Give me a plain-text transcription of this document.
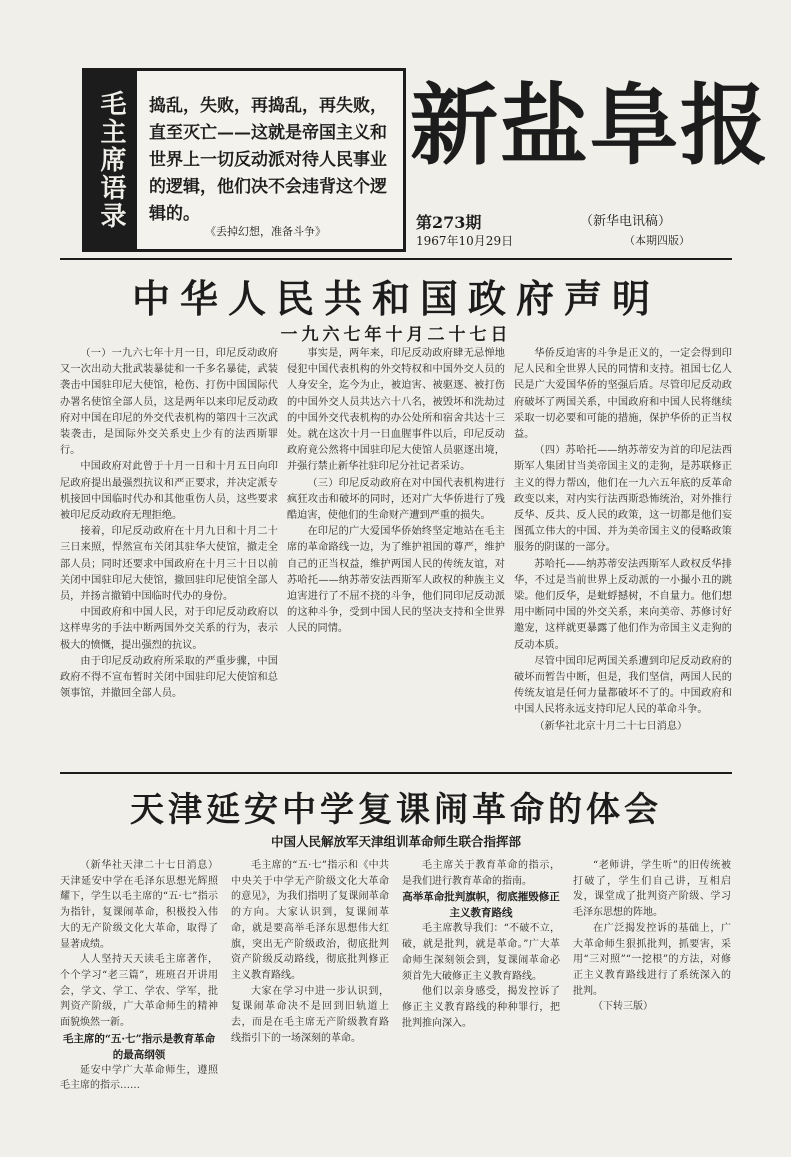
毛主席语录 捣乱，失败，再捣乱，再失败，直至灭亡——这就是帝国主义和世界上一切反动派对待人民事业的逻辑，他们决不会违背这个逻辑的。
《丢掉幻想，准备斗争》
新盐阜报
第273期	（新华电讯稿）
1967年10月29日	（本期四版）
中华人民共和国政府声明
一九六七年十月二十七日

（一）一九六七年十月一日，印尼反动政府又一次出动大批武装暴徒和一千多名暴徒，武装袭击中国驻印尼大使馆，枪伤、打伤中国国际代办署名使馆全部人员，这是两年以来印尼反动政府对中国在印尼的外交代表机构的第四十三次武装袭击，是国际外交关系史上少有的法西斯罪行。

中国政府对此曾于十月一日和十月五日向印尼政府提出最强烈抗议和严正要求，并决定派专机接回中国临时代办和其他重伤人员，这些要求被印尼反动政府无理拒绝。

接着，印尼反动政府在十月九日和十月二十三日来照，悍然宣布关闭其驻华大使馆，撤走全部人员；同时还要求中国政府在十月三十日以前关闭中国驻印尼大使馆，撤回驻印尼使馆全部人员，并扬言撤销中国临时代办的身份。

中国政府和中国人民，对于印尼反动政府以这样卑劣的手法中断两国外交关系的行为，表示极大的愤慨，提出强烈的抗议。

由于印尼反动政府所采取的严重步骤，中国政府不得不宣布暂时关闭中国驻印尼大使馆和总领事馆，并撤回全部人员。

事实是，两年来，印尼反动政府肆无忌惮地侵犯中国代表机构的外交特权和中国外交人员的人身安全，迄今为止，被迫害、被驱逐、被打伤的中国外交人员共达六十八名，被毁坏和洗劫过的中国外交代表机构的办公处所和宿舍共达十三处。就在这次十月一日血腥事件以后，印尼反动政府竟公然将中国驻印尼大使馆人员驱逐出境，并强行禁止新华社驻印尼分社记者采访。

（三）印尼反动政府在对中国代表机构进行疯狂攻击和破坏的同时，还对广大华侨进行了残酷迫害，使他们的生命财产遭到严重的损失。

在印尼的广大爱国华侨始终坚定地站在毛主席的革命路线一边，为了维护祖国的尊严，维护自己的正当权益，维护两国人民的传统友谊，对苏哈托——纳苏蒂安法西斯军人政权的种族主义迫害进行了不屈不挠的斗争，他们同印尼反动派的这种斗争，受到中国人民的坚决支持和全世界人民的同情。

华侨反迫害的斗争是正义的，一定会得到印尼人民和全世界人民的同情和支持。祖国七亿人民是广大爱国华侨的坚强后盾。尽管印尼反动政府破坏了两国关系，中国政府和中国人民将继续采取一切必要和可能的措施，保护华侨的正当权益。

（四）苏哈托——纳苏蒂安为首的印尼法西斯军人集团甘当美帝国主义的走狗，是苏联修正主义的得力帮凶，他们在一九六五年底的反革命政变以来，对内实行法西斯恐怖统治，对外推行反华、反共、反人民的政策，这一切都是他们妄图孤立伟大的中国、并为美帝国主义的侵略政策服务的阴谋的一部分。

苏哈托——纳苏蒂安法西斯军人政权反华排华，不过是当前世界上反动派的一小撮小丑的跳梁。他们反华，是蚍蜉撼树，不自量力。他们想用中断同中国的外交关系，来向美帝、苏修讨好邀宠，这样就更暴露了他们作为帝国主义走狗的反动本质。

尽管中国印尼两国关系遭到印尼反动政府的破坏而暂告中断，但是，我们坚信，两国人民的传统友谊是任何力量都破坏不了的。中国政府和中国人民将永远支持印尼人民的革命斗争。

（新华社北京十月二十七日消息）

天津延安中学复课闹革命的体会
中国人民解放军天津组训革命师生联合指挥部

（新华社天津二十七日消息）天津延安中学在毛泽东思想光辉照耀下，学生以毛主席的“五·七”指示为指针，复课闹革命，积极投入伟大的无产阶级文化大革命，取得了显著成绩。

人人坚持天天读毛主席著作，个个学习“老三篇”，班班召开讲用会，学文、学工、学农、学军，批判资产阶级，广大革命师生的精神面貌焕然一新。

毛主席的“五·七”指示是教育革命的最高纲领

延安中学广大革命师生，遵照毛主席的指示……

毛主席的“五·七”指示和《中共中央关于中学无产阶级文化大革命的意见》，为我们指明了复课闹革命的方向。大家认识到，复课闹革命，就是要高举毛泽东思想伟大红旗，突出无产阶级政治，彻底批判资产阶级反动路线，彻底批判修正主义教育路线。

大家在学习中进一步认识到，复课闹革命决不是回到旧轨道上去，而是在毛主席无产阶级教育路线指引下的一场深刻的革命。

毛主席关于教育革命的指示，是我们进行教育革命的指南。

高举革命批判旗帜，彻底摧毁修正主义教育路线

毛主席教导我们：“不破不立，破，就是批判，就是革命。”广大革命师生深刻领会到，复课闹革命必须首先大破修正主义教育路线。

他们以亲身感受，揭发控诉了修正主义教育路线的种种罪行，把批判推向深入。

“老师讲，学生听”的旧传统被打破了，学生们自己讲，互相启发，课堂成了批判资产阶级、学习毛泽东思想的阵地。

在广泛揭发控诉的基础上，广大革命师生狠抓批判，抓要害，采用“三对照”“一挖根”的方法，对修正主义教育路线进行了系统深入的批判。

（下转三版）
